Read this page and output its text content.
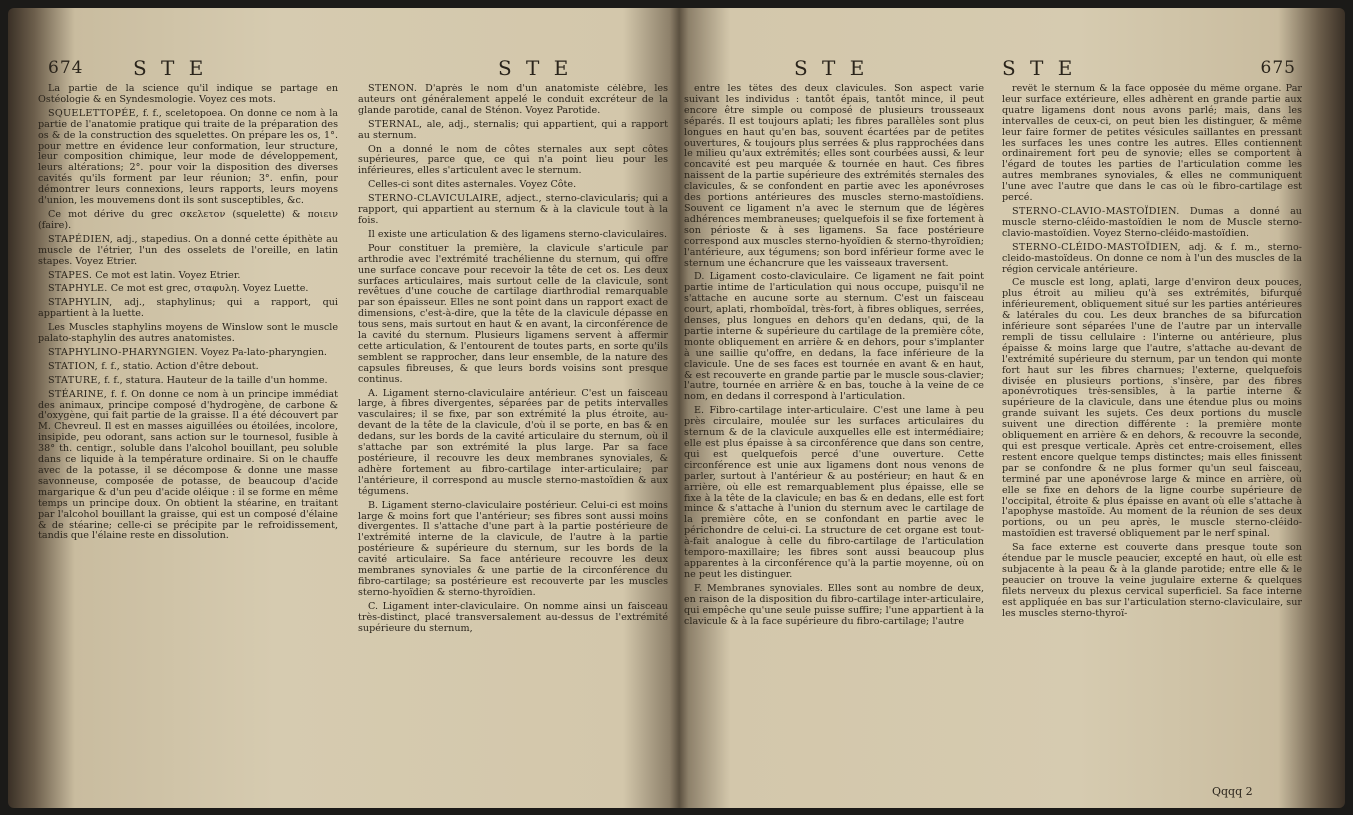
674 S T E	S T E

La partie de la science qu'il indique se partage en Ostéologie & en Syndesmologie. Voyez ces mots.

SQUELETTOPÉE, f. f., sceletopoea. On donne ce nom à la partie de l'anatomie pratique qui traite de la préparation des os & de la construction des squelettes. On prépare les os, 1°. pour mettre en évidence leur conformation, leur structure, leur composition chimique, leur mode de développement, leurs altérations; 2°. pour voir la disposition des diverses cavités qu'ils forment par leur réunion; 3°. enfin, pour démontrer leurs connexions, leurs rapports, leurs moyens d'union, les mouvemens dont ils sont susceptibles, &c.

Ce mot dérive du grec σκελετον (squelette) & ποιειν (faire).

STAPÉDIEN, adj., stapedius. On a donné cette épithète au muscle de l'étrier, l'un des osselets de l'oreille, en latin stapes. Voyez Etrier.

STAPES. Ce mot est latin. Voyez Etrier.

STAPHYLE. Ce mot est grec, σταφυλη. Voyez Luette.

STAPHYLIN, adj., staphylinus; qui a rapport, qui appartient à la luette.

Les Muscles staphylins moyens de Winslow sont le muscle palato-staphylin des autres anatomistes.

STAPHYLINO-PHARYNGIEN. Voyez Pa-lato-pharyngien.

STATION, f. f., statio. Action d'être debout.

STATURE, f. f., statura. Hauteur de la taille d'un homme.

STÉARINE, f. f. On donne ce nom à un principe immédiat des animaux, principe composé d'hydrogène, de carbone & d'oxygène, qui fait partie de la graisse. Il a été découvert par M. Chevreul. Il est en masses aiguillées ou étoilées, incolore, insipide, peu odorant, sans action sur le tournesol, fusible à 38° th. centigr., soluble dans l'alcohol bouillant, peu soluble dans ce liquide à la température ordinaire. Si on le chauffe avec de la potasse, il se décompose & donne une masse savonneuse, composée de potasse, de beaucoup d'acide margarique & d'un peu d'acide oléique : il se forme en même temps un principe doux. On obtient la stéarine, en traitant par l'alcohol bouillant la graisse, qui est un composé d'élaine & de stéarine; celle-ci se précipite par le refroidissement, tandis que l'élaine reste en dissolution.

STÉNON. D'après le nom d'un anatomiste célèbre, les auteurs ont généralement appelé le conduit excréteur de la glande parotide, canal de Sténon. Voyez Parotide.

STERNAL, ale, adj., sternalis; qui appartient, qui a rapport au sternum.

On a donné le nom de côtes sternales aux sept côtes supérieures, parce que, ce qui n'a point lieu pour les inférieures, elles s'articulent avec le sternum.

Celles-ci sont dites asternales. Voyez Côte.

STERNO-CLAVICULAIRE, adject., sterno-clavicularis; qui a rapport, qui appartient au sternum & à la clavicule tout à la fois.

Il existe une articulation & des ligamens sterno-claviculaires.

Pour constituer la première, la clavicule s'articule par arthrodie avec l'extrémité trachélienne du sternum, qui offre une surface concave pour recevoir la tête de cet os. Les deux surfaces articulaires, mais surtout celle de la clavicule, sont revêtues d'une couche de cartilage diarthrodial remarquable par son épaisseur. Elles ne sont point dans un rapport exact de dimensions, c'est-à-dire, que la tête de la clavicule dépasse en tous sens, mais surtout en haut & en avant, la circonférence de la cavité du sternum. Plusieurs ligamens servent à affermir cette articulation, & l'entourent de toutes parts, en sorte qu'ils semblent se rapprocher, dans leur ensemble, de la nature des capsules fibreuses, & que leurs bords voisins sont presque continus.

A. Ligament sterno-claviculaire antérieur. C'est un faisceau large, à fibres divergentes, séparées par de petits intervalles vasculaires; il se fixe, par son extrémité la plus étroite, au-devant de la tête de la clavicule, d'où il se porte, en bas & en dedans, sur les bords de la cavité articulaire du sternum, où il s'attache par son extrémité la plus large. Par sa face postérieure, il recouvre les deux membranes synoviales, & adhère fortement au fibro-cartilage inter-articulaire; par l'antérieure, il correspond au muscle sterno-mastoïdien & aux tégumens.

B. Ligament sterno-claviculaire postérieur. Celui-ci est moins large & moins fort que l'antérieur; ses fibres sont aussi moins divergentes. Il s'attache d'une part à la partie postérieure de l'extrémité interne de la clavicule, de l'autre à la partie postérieure & supérieure du sternum, sur les bords de la cavité articulaire. Sa face antérieure recouvre les deux membranes synoviales & une partie de la circonférence du fibro-cartilage; sa postérieure est recouverte par les muscles sterno-hyoïdien & sterno-thyroïdien.

C. Ligament inter-claviculaire. On nomme ainsi un faisceau très-distinct, placé transversalement au-dessus de l'extrémité supérieure du sternum,

S T E	S T E	675

entre les têtes des deux clavicules. Son aspect varie suivant les individus : tantôt épais, tantôt mince, il peut encore être simple ou composé de plusieurs trousseaux séparés. Il est toujours aplati; les fibres parallèles sont plus longues en haut qu'en bas, souvent écartées par de petites ouvertures, & toujours plus serrées & plus rapprochées dans le milieu qu'aux extrémités; elles sont courbées aussi, & leur concavité est peu marquée & tournée en haut. Ces fibres naissent de la partie supérieure des extrémités sternales des clavicules, & se confondent en partie avec les aponévroses des portions antérieures des muscles sterno-mastoïdiens. Souvent ce ligament n'a avec le sternum que de légères adhérences membraneuses; quelquefois il se fixe fortement à son périoste & à ses ligamens. Sa face postérieure correspond aux muscles sterno-hyoïdien & sterno-thyroïdien; l'antérieure, aux tégumens; son bord inférieur forme avec le sternum une échancrure que les vaisseaux traversent.

D. Ligament costo-claviculaire. Ce ligament ne fait point partie intime de l'articulation qui nous occupe, puisqu'il ne s'attache en aucune sorte au sternum. C'est un faisceau court, aplati, rhomboïdal, très-fort, à fibres obliques, serrées, denses, plus longues en dehors qu'en dedans, qui, de la partie interne & supérieure du cartilage de la première côte, monte obliquement en arrière & en dehors, pour s'implanter à une saillie qu'offre, en dedans, la face inférieure de la clavicule. Une de ses faces est tournée en avant & en haut, & est recouverte en grande partie par le muscle sous-clavier; l'autre, tournée en arrière & en bas, touche à la veine de ce nom, en dedans il correspond à l'articulation.

E. Fibro-cartilage inter-articulaire. C'est une lame à peu près circulaire, moulée sur les surfaces articulaires du sternum & de la clavicule auxquelles elle est intermédiaire; elle est plus épaisse à sa circonférence que dans son centre, qui est quelquefois percé d'une ouverture. Cette circonférence est unie aux ligamens dont nous venons de parler, surtout à l'antérieur & au postérieur; en haut & en arrière, où elle est remarquablement plus épaisse, elle se fixe à la tête de la clavicule; en bas & en dedans, elle est fort mince & s'attache à l'union du sternum avec le cartilage de la première côte, en se confondant en partie avec le périchondre de celui-ci. La structure de cet organe est tout-à-fait analogue à celle du fibro-cartilage de l'articulation temporo-maxillaire; les fibres sont aussi beaucoup plus apparentes à la circonférence qu'à la partie moyenne, où on ne peut les distinguer.

F. Membranes synoviales. Elles sont au nombre de deux, en raison de la disposition du fibro-cartilage inter-articulaire, qui empêche qu'une seule puisse suffire; l'une appartient à la clavicule & à la face supérieure du fibro-cartilage; l'autre

revêt le sternum & la face opposée du même organe. Par leur surface extérieure, elles adhèrent en grande partie aux quatre ligamens dont nous avons parlé; mais, dans les intervalles de ceux-ci, on peut bien les distinguer, & même leur faire former de petites vésicules saillantes en pressant les surfaces les unes contre les autres. Elles contiennent ordinairement fort peu de synovie; elles se comportent à l'égard de toutes les parties de l'articulation comme les autres membranes synoviales, & elles ne communiquent l'une avec l'autre que dans le cas où le fibro-cartilage est percé.

STERNO-CLAVIO-MASTOÏDIEN. Dumas a donné au muscle sterno-cléido-mastoïdien le nom de Muscle sterno-clavio-mastoïdien. Voyez Sterno-cléido-mastoïdien.

STERNO-CLÉIDO-MASTOÏDIEN, adj. & f. m., sterno-cleido-mastoïdeus. On donne ce nom à l'un des muscles de la région cervicale antérieure.

Ce muscle est long, aplati, large d'environ deux pouces, plus étroit au milieu qu'à ses extrémités, bifurqué inférieurement, obliquement situé sur les parties antérieures & latérales du cou. Les deux branches de sa bifurcation inférieure sont séparées l'une de l'autre par un intervalle rempli de tissu cellulaire : l'interne ou antérieure, plus épaisse & moins large que l'autre, s'attache au-devant de l'extrémité supérieure du sternum, par un tendon qui monte fort haut sur les fibres charnues; l'externe, quelquefois divisée en plusieurs portions, s'insère, par des fibres aponévrotiques très-sensibles, à la partie interne & supérieure de la clavicule, dans une étendue plus ou moins grande suivant les sujets. Ces deux portions du muscle suivent une direction différente : la première monte obliquement en arrière & en dehors, & recouvre la seconde, qui est presque verticale. Après cet entre-croisement, elles restent encore quelque temps distinctes; mais elles finissent par se confondre & ne plus former qu'un seul faisceau, terminé par une aponévrose large & mince en arrière, où elle se fixe en dehors de la ligne courbe supérieure de l'occipital, étroite & plus épaisse en avant où elle s'attache à l'apophyse mastoïde. Au moment de la réunion de ses deux portions, ou un peu après, le muscle sterno-cléido-mastoïdien est traversé obliquement par le nerf spinal.

Sa face externe est couverte dans presque toute son étendue par le muscle peaucier, excepté en haut, où elle est subjacente à la peau & à la glande parotide; entre elle & le peaucier on trouve la veine jugulaire externe & quelques filets nerveux du plexus cervical superficiel. Sa face interne est appliquée en bas sur l'articulation sterno-claviculaire, sur les muscles sterno-thyroï-

Qqqq 2
